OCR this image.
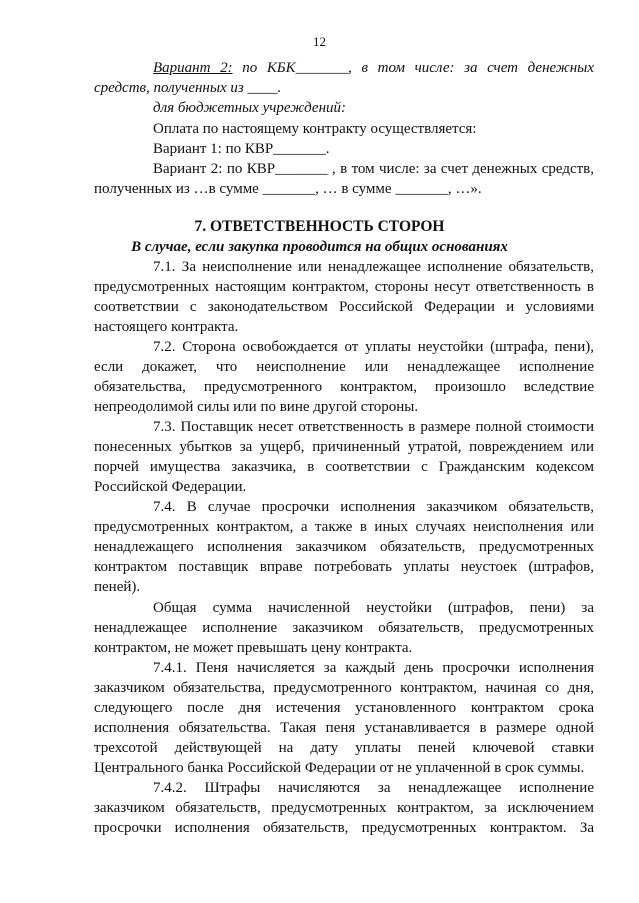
12
Вариант 2: по КБК_______, в том числе: за счет денежных
средств, полученных из ____.
для бюджетных учреждений:
Оплата по настоящему контракту осуществляется:
Вариант 1: по КВР_______.
Вариант 2: по КВР_______ , в том числе: за счет денежных средств,
полученных из …в сумме _______, … в сумме _______, …».
7. ОТВЕТСТВЕННОСТЬ СТОРОН
В случае, если закупка проводится на общих основаниях
7.1. За неисполнение или ненадлежащее исполнение обязательств,
предусмотренных настоящим контрактом, стороны несут ответственность в
соответствии с законодательством Российской Федерации и условиями
настоящего контракта.
7.2. Сторона освобождается от уплаты неустойки (штрафа, пени),
если докажет, что неисполнение или ненадлежащее исполнение
обязательства, предусмотренного контрактом, произошло вследствие
непреодолимой силы или по вине другой стороны.
7.3. Поставщик несет ответственность в размере полной стоимости
понесенных убытков за ущерб, причиненный утратой, повреждением или
порчей имущества заказчика, в соответствии с Гражданским кодексом
Российской Федерации.
7.4. В случае просрочки исполнения заказчиком обязательств,
предусмотренных контрактом, а также в иных случаях неисполнения или
ненадлежащего исполнения заказчиком обязательств, предусмотренных
контрактом поставщик вправе потребовать уплаты неустоек (штрафов,
пеней).
Общая сумма начисленной неустойки (штрафов, пени) за
ненадлежащее исполнение заказчиком обязательств, предусмотренных
контрактом, не может превышать цену контракта.
7.4.1. Пеня начисляется за каждый день просрочки исполнения
заказчиком обязательства, предусмотренного контрактом, начиная со дня,
следующего после дня истечения установленного контрактом срока
исполнения обязательства. Такая пеня устанавливается в размере одной
трехсотой действующей на дату уплаты пеней ключевой ставки
Центрального банка Российской Федерации от не уплаченной в срок суммы.
7.4.2. Штрафы начисляются за ненадлежащее исполнение
заказчиком обязательств, предусмотренных контрактом, за исключением
просрочки исполнения обязательств, предусмотренных контрактом. За
